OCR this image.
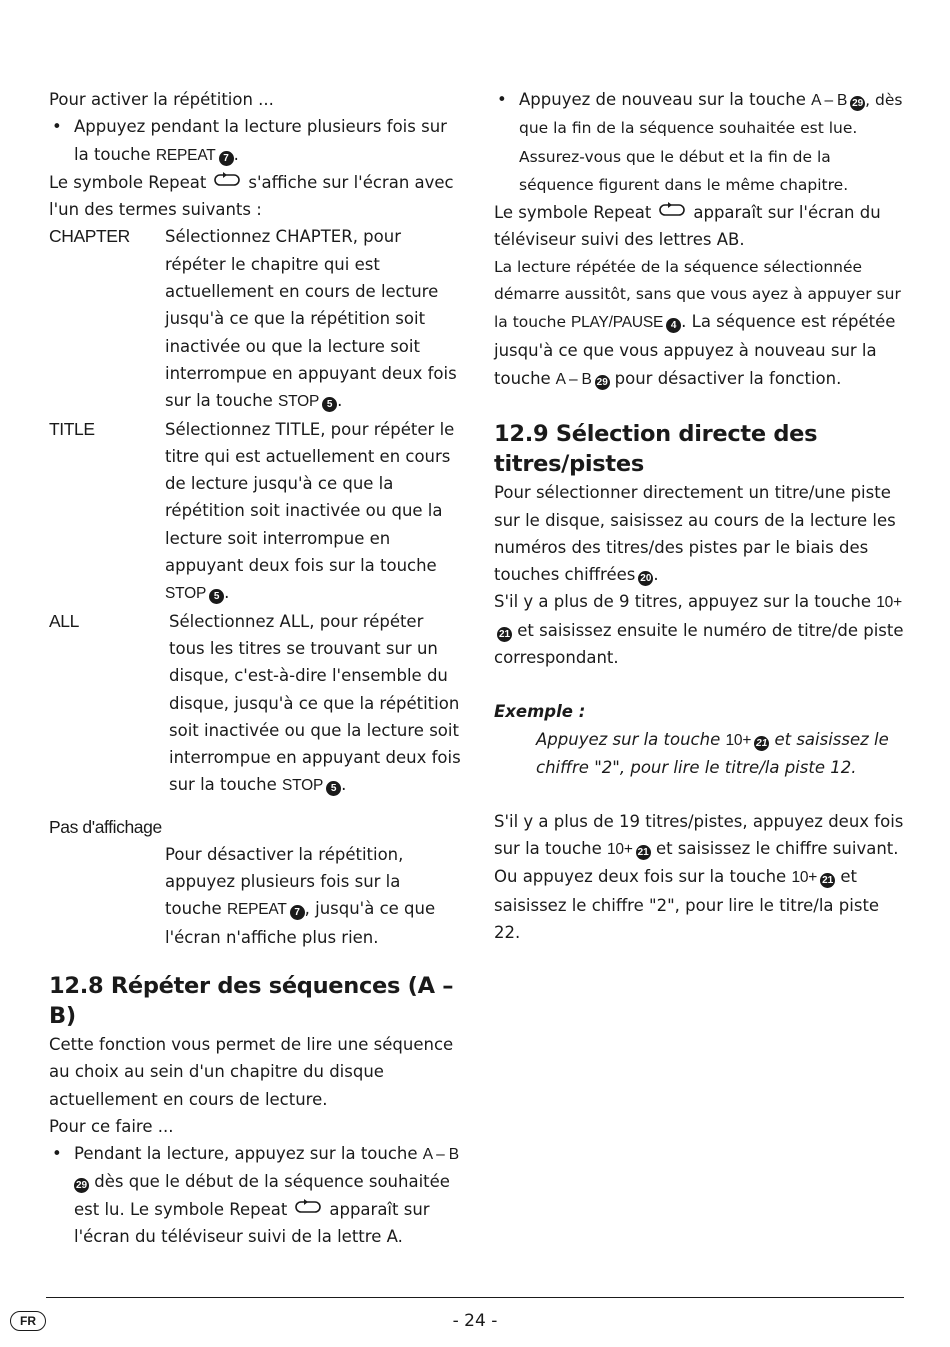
Pour activer la répétition ...

• Appuyez pendant la lecture plusieurs fois sur la touche REPEAT 7 .

Le symbole Repeat	s'affiche sur l'écran avec l'un des termes suivants :

CHAPTER	Sélectionnez CHAPTER, pour répéter le chapitre qui est actuellement en cours de lecture jusqu'à ce que la répétition soit inactivée ou que la lecture soit interrompue en appuyant deux fois sur la touche STOP 5 .
TITLE	Sélectionnez TITLE, pour répéter le titre qui est actuellement en cours de lecture jusqu'à ce que la répétition soit inactivée ou que la lecture soit interrompue en appuyant deux fois sur la touche STOP 5 .
ALL	Sélectionnez ALL, pour répéter tous les titres se trouvant sur un disque, c'est-à-dire l'ensemble du disque, jusqu'à ce que la répétition soit inactivée ou que la lecture soit interrompue en appuyant deux fois sur la touche STOP 5 .
Pas d'affichage
Pour désactiver la répétition, appuyez plusieurs fois sur la touche REPEAT 7 , jusqu'à ce que l'écran n'affiche plus rien.
12.8 Répéter des séquences (A – B)

Cette fonction vous permet de lire une séquence au choix au sein d'un chapitre du disque actuellement en cours de lecture.

Pour ce faire ...

• Pendant la lecture, appuyez sur la touche A – B
29 dès que le début de la séquence souhaitée est lu. Le symbole Repeat	apparaît sur l'écran du téléviseur suivi de la lettre A.

• Appuyez de nouveau sur la touche A – B 29 , dès que la fin de la séquence souhaitée est lue. Assurez-vous que le début et la fin de la séquence figurent dans le même chapitre.

Le symbole Repeat	apparaît sur l'écran du téléviseur suivi des lettres AB.

La lecture répétée de la séquence sélectionnée démarre aussitôt, sans que vous ayez à appuyer sur la touche PLAY/PAUSE 4 . La séquence est répétée jusqu'à ce que vous appuyez à nouveau sur la touche A – B 29 pour désactiver la fonction.

12.9 Sélection directe des titres/pistes

Pour sélectionner directement un titre/une piste sur le disque, saisissez au cours de la lecture les numéros des titres/des pistes par le biais des touches chiffrées 20 .

S'il y a plus de 9 titres, appuyez sur la touche 10+21 et saisissez ensuite le numéro de titre/de piste correspondant.

Exemple :

Appuyez sur la touche 10+ 21 et saisissez le chiffre "2", pour lire le titre/la piste 12.

S'il y a plus de 19 titres/pistes, appuyez deux fois sur la touche 10+ 21 et saisissez le chiffre suivant. Ou appuyez deux fois sur la touche 10+ 21 et saisissez le chiffre "2", pour lire le titre/la piste 22.

FR	- 24 -
